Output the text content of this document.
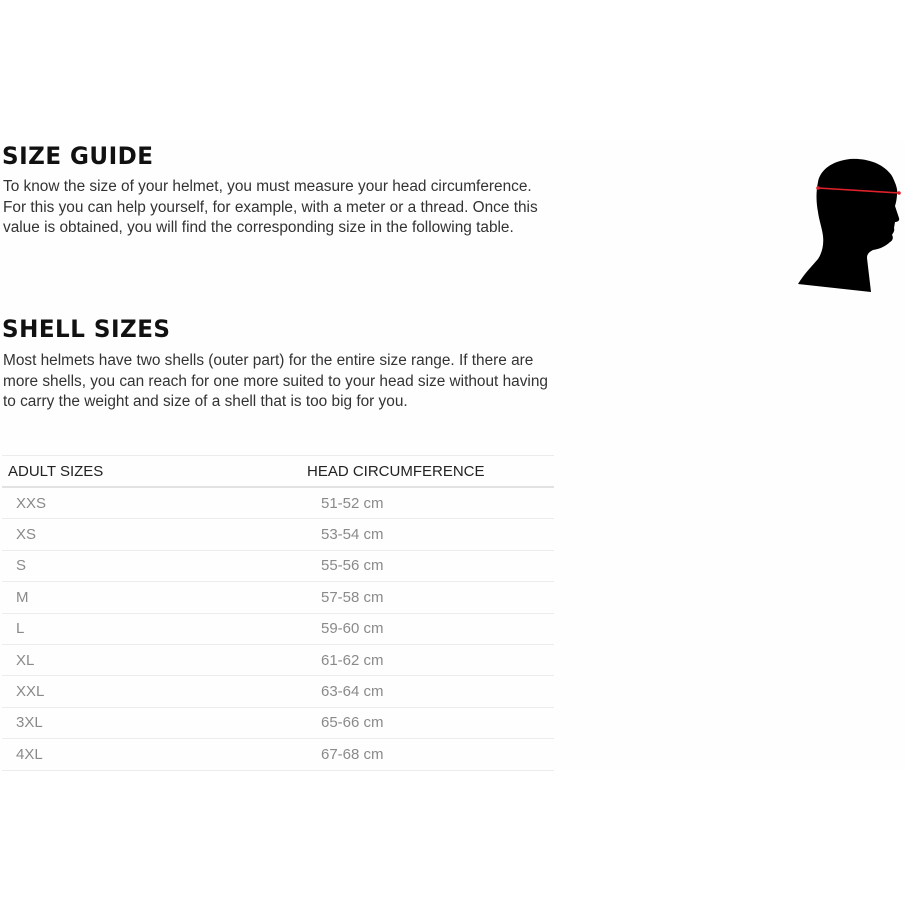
SIZE GUIDE

To know the size of your helmet, you must measure your head circumference. For this you can help yourself, for example, with a meter or a thread. Once this value is obtained, you will find the corresponding size in the following table.

SHELL SIZES

Most helmets have two shells (outer part) for the entire size range. If there are more shells, you can reach for one more suited to your head size without having to carry the weight and size of a shell that is too big for you.

ADULT SIZES	HEAD CIRCUMFERENCE
XXS	51-52 cm
XS	53-54 cm
S	55-56 cm
M	57-58 cm
L	59-60 cm
XL	61-62 cm
XXL	63-64 cm
3XL	65-66 cm
4XL	67-68 cm
